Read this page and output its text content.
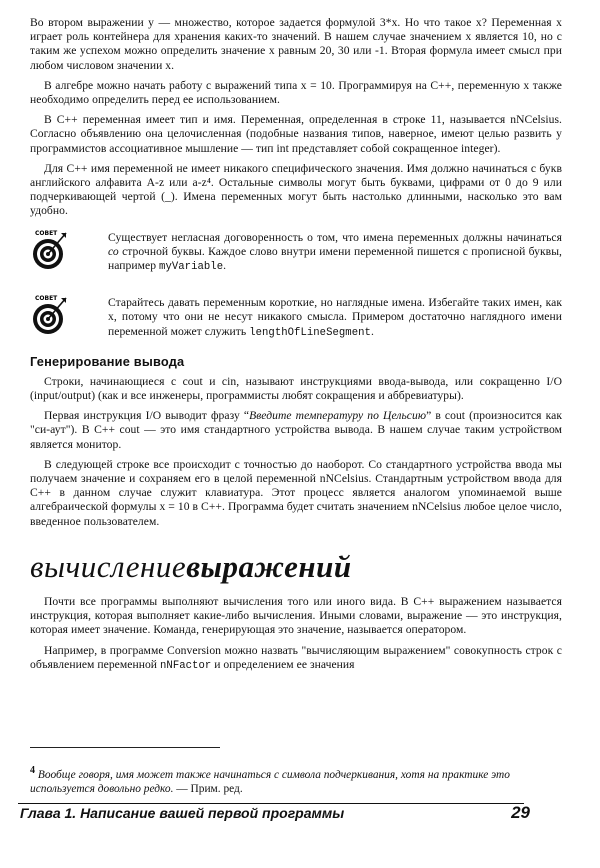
Во втором выражении у — множество, которое задается формулой 3*x. Но что такое х? Переменная x играет роль контейнера для хранения каких-то значений. В нашем случае значением x является 10, но с таким же успехом можно определить значение x равным 20, 30 или -1. Вторая формула имеет смысл при любом числовом значении x.

В алгебре можно начать работу с выражений типа x = 10. Программируя на C++, переменную x также необходимо определить перед ее использованием.

В C++ переменная имеет тип и имя. Переменная, определенная в строке 11, называется nNCelsius. Согласно объявлению она целочисленная (подобные названия типов, наверное, имеют целью развить у программистов ассоциативное мышление — тип int представляет собой сокращенное integer).

Для C++ имя переменной не имеет никакого специфического значения. Имя должно начинаться с букв английского алфавита A-z или a-z⁴. Остальные символы могут быть буквами, цифрами от 0 до 9 или подчеркивающей чертой (_). Имена переменных могут быть настолько длинными, насколько это вам удобно.

СОВЕТ	Существует негласная договоренность о том, что имена переменных должны начинаться со строчной буквы. Каждое слово внутри имени переменной пишется с прописной буквы, например myVariable.

СОВЕТ	Старайтесь давать переменным короткие, но наглядные имена. Избегайте таких имен, как x, потому что они не несут никакого смысла. Примером достаточно наглядного имени переменной может служить lengthOfLineSegment.

Генерирование вывода

Строки, начинающиеся с cout и cin, называют инструкциями ввода-вывода, или сокращенно I/O (input/output) (как и все инженеры, программисты любят сокращения и аббревиатуры).

Первая инструкция I/O выводит фразу “Введите температуру по Цельсию” в cout (произносится как "си-аут"). В C++ cout — это имя стандартного устройства вывода. В нашем случае таким устройством является монитор.

В следующей строке все происходит с точностью до наоборот. Со стандартного устройства ввода мы получаем значение и сохраняем его в целой переменной nNCelsius. Стандартным устройством ввода для C++ в данном случае служит клавиатура. Этот процесс является аналогом упоминаемой выше алгебраической формулы x = 10 в C++. Программа будет считать значением nNCelsius любое целое число, введенное пользователем.

вычислениевыражений

Почти все программы выполняют вычисления того или иного вида. В C++ выражением называется инструкция, которая выполняет какие-либо вычисления. Иными словами, выражение — это инструкция, которая имеет значение. Команда, генерирующая это значение, называется оператором.

Например, в программе Conversion можно назвать "вычисляющим выражением" совокупность строк с объявлением переменной nNFactor и определением ее значения

4 Вообще говоря, имя может также начинаться с символа подчеркивания, хотя на практике это используется довольно редко. — Прим. ред.
Глава 1. Написание вашей первой программы	29
